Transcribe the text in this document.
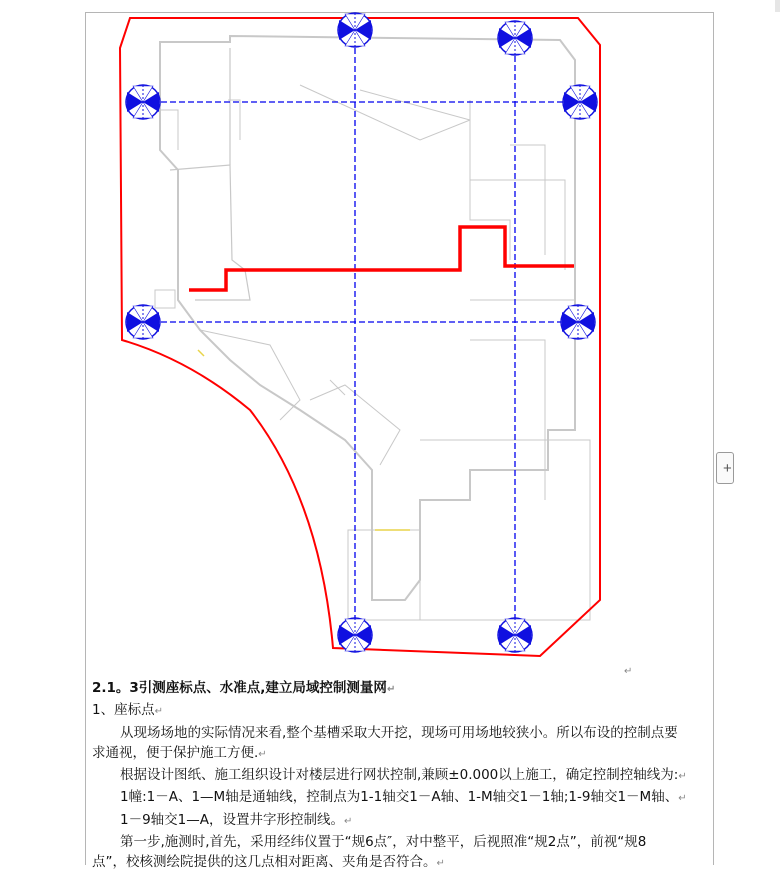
+
↵

2.1。3引测座标点、水准点,建立局域控制测量网↵

1、座标点↵

从现场场地的实际情况来看,整个基槽采取大开挖，现场可用场地较狭小。所以布设的控制点要

求通视，便于保护施工方便.↵

根据设计图纸、施工组织设计对楼层进行网状控制,兼顾±0.000以上施工，确定控制控轴线为:↵

1幢:1－A、1—M轴是通轴线，控制点为1-1轴交1－A轴、1-M轴交1－1轴;1-9轴交1－M轴、↵

1－9轴交1—A，设置井字形控制线。↵

第一步,施测时,首先，采用经纬仪置于“规6点″，对中整平，后视照准“规2点”，前视“规8

点”，校核测绘院提供的这几点相对距离、夹角是否符合。↵
